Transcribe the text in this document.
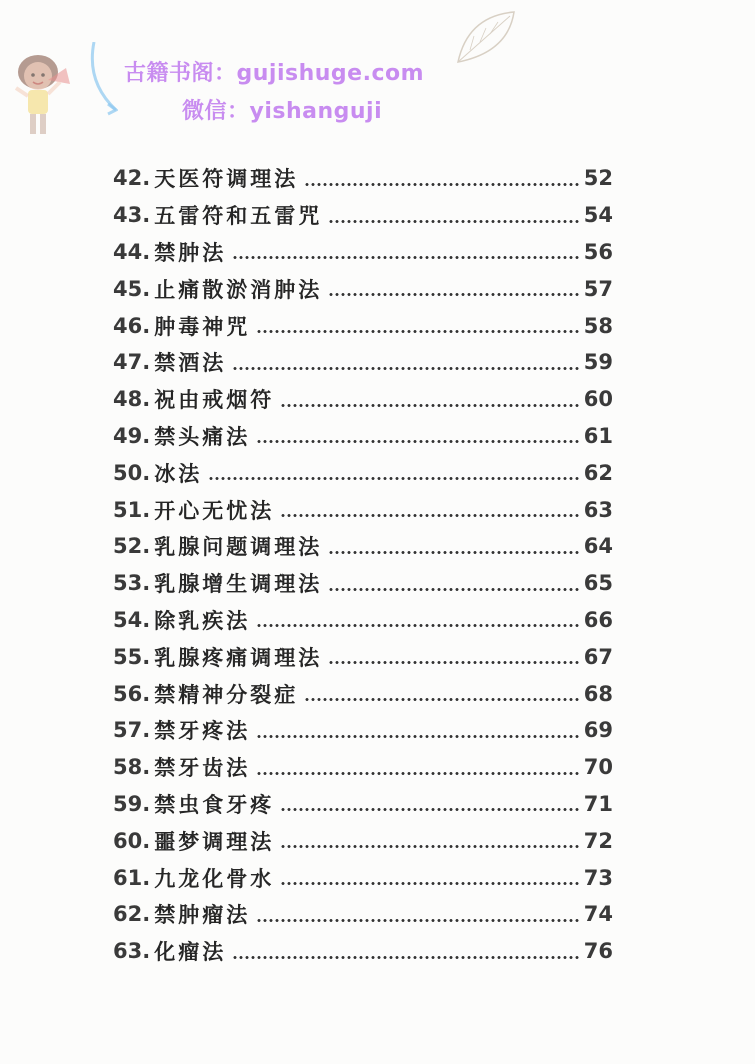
古籍书阁：gujishuge.com
微信：yishanguji
42. 天医符调理法	52
43. 五雷符和五雷咒	54
44. 禁肿法	56
45. 止痛散淤消肿法	57
46. 肿毒神咒	58
47. 禁酒法	59
48. 祝由戒烟符	60
49. 禁头痛法	61
50. 冰法	62
51. 开心无忧法	63
52. 乳腺问题调理法	64
53. 乳腺增生调理法	65
54. 除乳疾法	66
55. 乳腺疼痛调理法	67
56. 禁精神分裂症	68
57. 禁牙疼法	69
58. 禁牙齿法	70
59. 禁虫食牙疼	71
60. 噩梦调理法	72
61. 九龙化骨水	73
62. 禁肿瘤法	74
63. 化瘤法	76
